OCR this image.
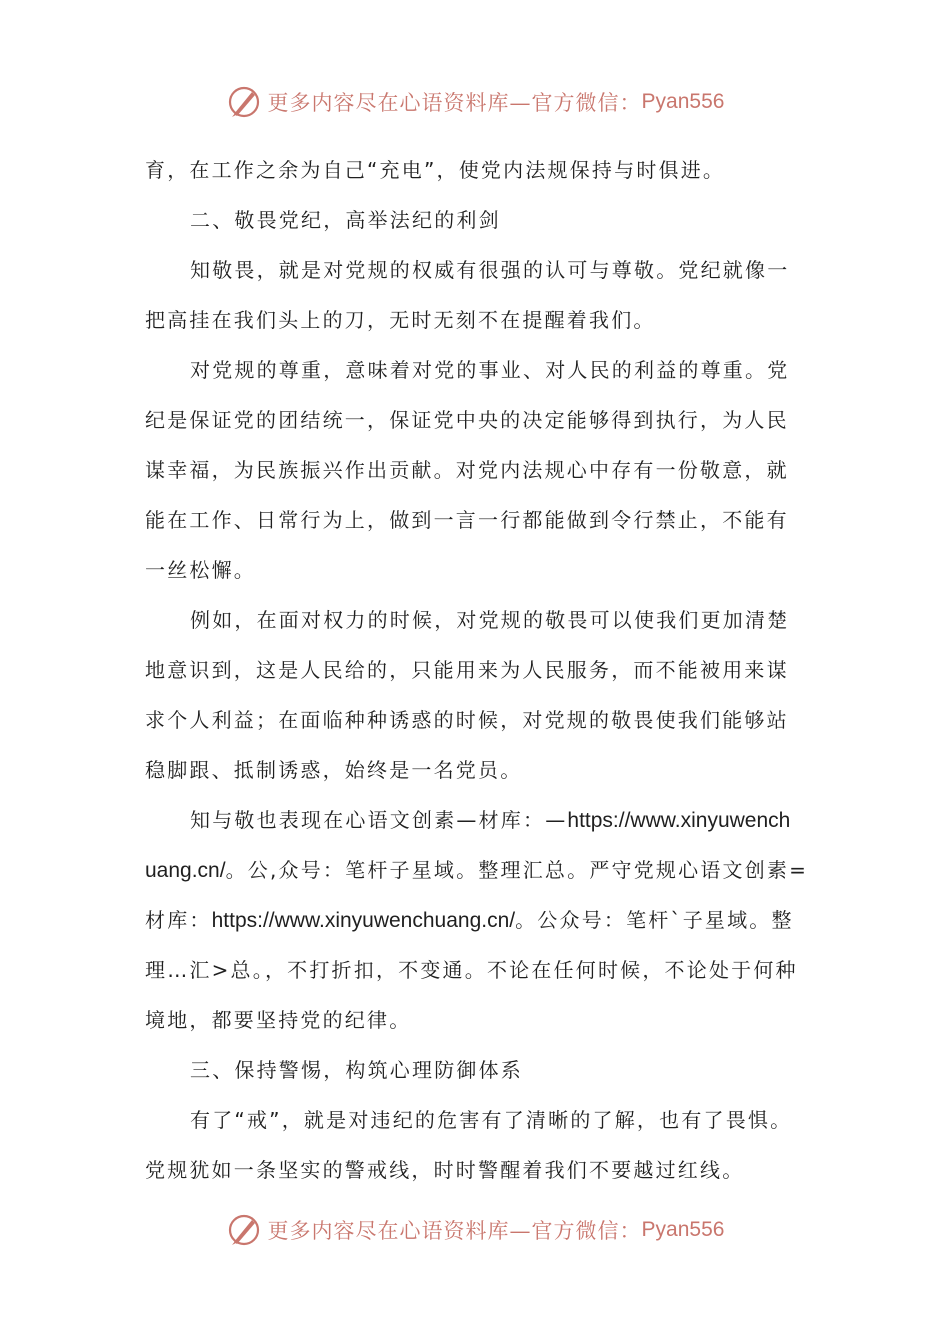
更多内容尽在心语资料库—官方微信： Pyan556
育，在工作之余为自己“充电”，使党内法规保持与时俱进。
二、敬畏党纪，高举法纪的利剑
知敬畏，就是对党规的权威有很强的认可与尊敬。党纪就像一
把高挂在我们头上的刀，无时无刻不在提醒着我们。
对党规的尊重，意味着对党的事业、对人民的利益的尊重。党
纪是保证党的团结统一，保证党中央的决定能够得到执行，为人民
谋幸福，为民族振兴作出贡献。对党内法规心中存有一份敬意，就
能在工作、日常行为上，做到一言一行都能做到令行禁止，不能有
一丝松懈。
例如，在面对权力的时候，对党规的敬畏可以使我们更加清楚
地意识到，这是人民给的，只能用来为人民服务，而不能被用来谋
求个人利益；在面临种种诱惑的时候，对党规的敬畏使我们能够站
稳脚跟、抵制诱惑，始终是一名党员。
知与敬也表现在心语文创素—材库：—https://www.xinyuwench
uang.cn/。公,众号：笔杆子星域。整理汇总。严守党规心语文创素=
材库：https://www.xinyuwenchuang.cn/。公众号：笔杆`子星域。整
理…汇>总。，不打折扣，不变通。不论在任何时候，不论处于何种
境地，都要坚持党的纪律。
三、保持警惕，构筑心理防御体系
有了“戒”，就是对违纪的危害有了清晰的了解，也有了畏惧。
党规犹如一条坚实的警戒线，时时警醒着我们不要越过红线。
更多内容尽在心语资料库—官方微信： Pyan556
